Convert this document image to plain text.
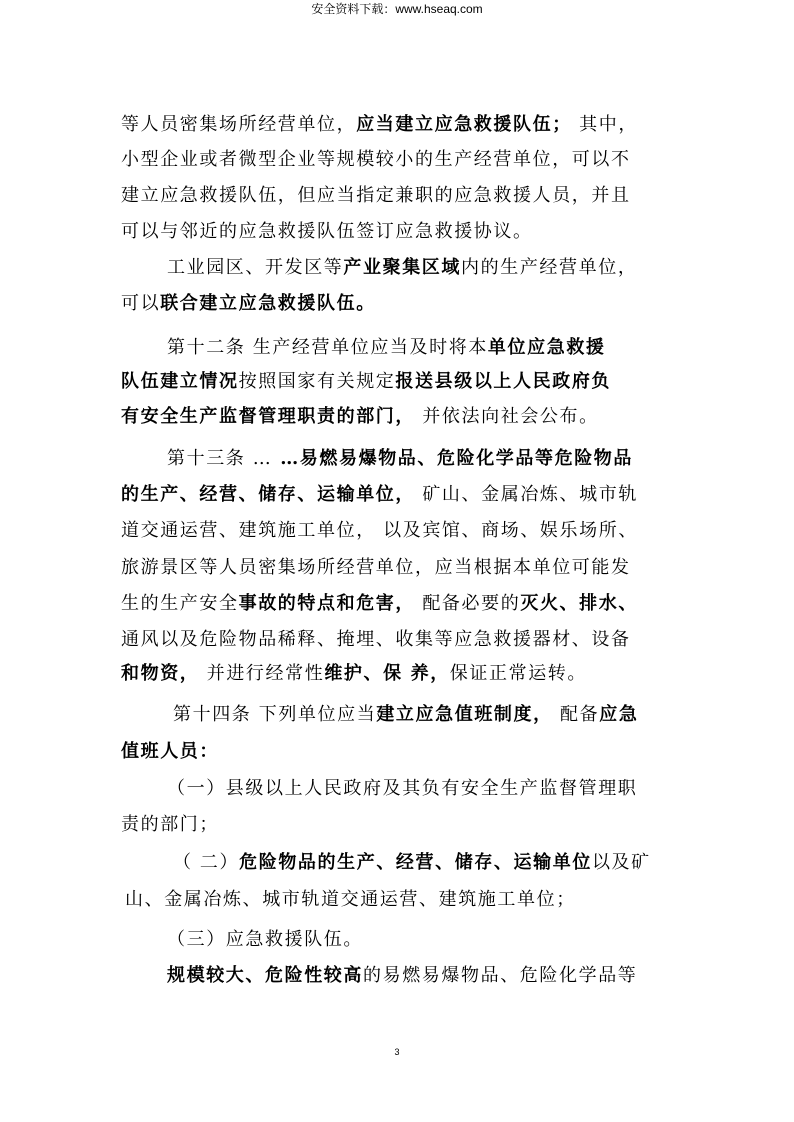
安全资料下载：www.hseaq.com
等人员密集场所经营单位，应当建立应急救援队伍； 其中，
小型企业或者微型企业等规模较小的生产经营单位，可以不
建立应急救援队伍，但应当指定兼职的应急救援人员，并且
可以与邻近的应急救援队伍签订应急救援协议。
工业园区、开发区等产业聚集区域内的生产经营单位，
可以联合建立应急救援队伍。
第十二条 生产经营单位应当及时将本单位应急救援
队伍建立情况按照国家有关规定报送县级以上人民政府负
有安全生产监督管理职责的部门， 并依法向社会公布。
第十三条 … …易燃易爆物品、危险化学品等危险物品
的生产、经营、储存、运输单位， 矿山、金属冶炼、城市轨
道交通运营、建筑施工单位， 以及宾馆、商场、娱乐场所、
旅游景区等人员密集场所经营单位，应当根据本单位可能发
生的生产安全事故的特点和危害， 配备必要的灭火、排水、
通风以及危险物品稀释、掩埋、收集等应急救援器材、设备
和物资， 并进行经常性维护、保 养，保证正常运转。
第十四条 下列单位应当建立应急值班制度， 配备应急
值班人员：
（一）县级以上人民政府及其负有安全生产监督管理职
责的部门；
（ 二）危险物品的生产、经营、储存、运输单位以及矿
山、金属冶炼、城市轨道交通运营、建筑施工单位；
（三）应急救援队伍。
规模较大、危险性较高的易燃易爆物品、危险化学品等
3
